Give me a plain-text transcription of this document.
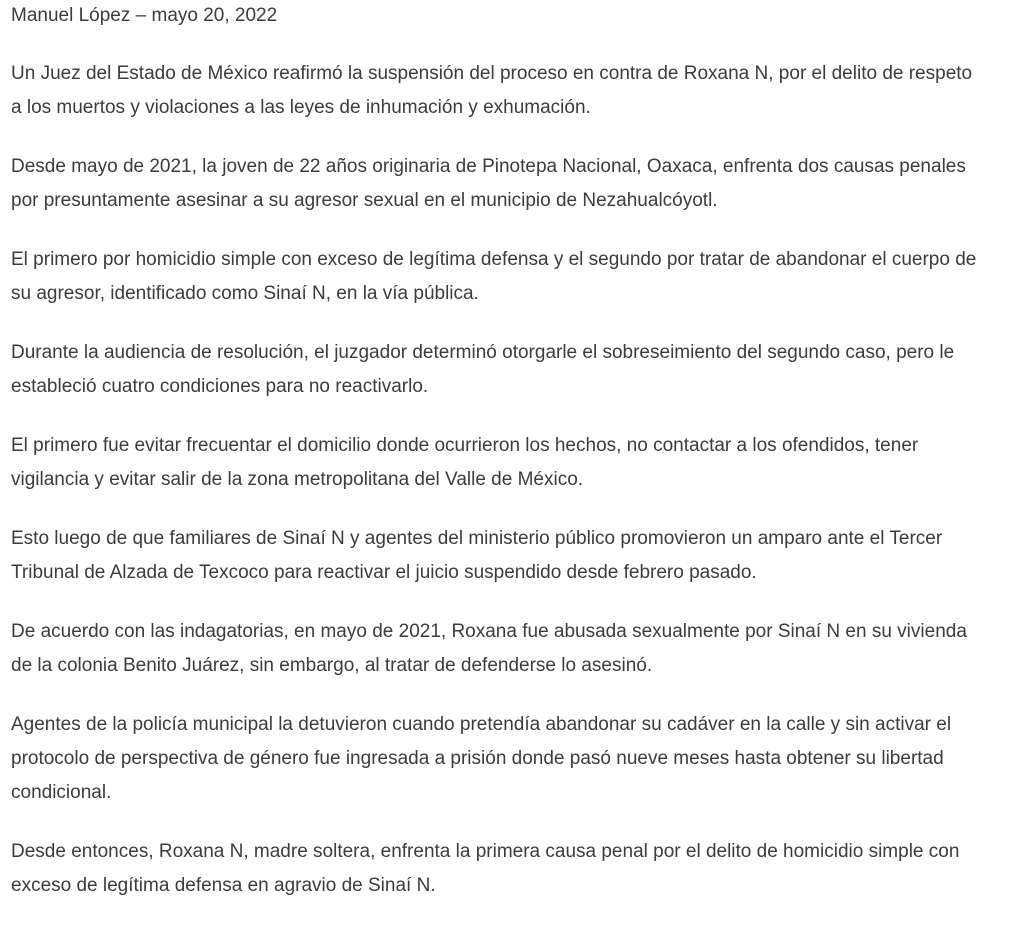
Manuel López – mayo 20, 2022

Un Juez del Estado de México reafirmó la suspensión del proceso en contra de Roxana N, por el delito de respeto a los muertos y violaciones a las leyes de inhumación y exhumación.

Desde mayo de 2021, la joven de 22 años originaria de Pinotepa Nacional, Oaxaca, enfrenta dos causas penales por presuntamente asesinar a su agresor sexual en el municipio de Nezahualcóyotl.

El primero por homicidio simple con exceso de legítima defensa y el segundo por tratar de abandonar el cuerpo de su agresor, identificado como Sinaí N, en la vía pública.

Durante la audiencia de resolución, el juzgador determinó otorgarle el sobreseimiento del segundo caso, pero le estableció cuatro condiciones para no reactivarlo.

El primero fue evitar frecuentar el domicilio donde ocurrieron los hechos, no contactar a los ofendidos, tener vigilancia y evitar salir de la zona metropolitana del Valle de México.

Esto luego de que familiares de Sinaí N y agentes del ministerio público promovieron un amparo ante el Tercer Tribunal de Alzada de Texcoco para reactivar el juicio suspendido desde febrero pasado.

De acuerdo con las indagatorias, en mayo de 2021, Roxana fue abusada sexualmente por Sinaí N en su vivienda de la colonia Benito Juárez, sin embargo, al tratar de defenderse lo asesinó.

Agentes de la policía municipal la detuvieron cuando pretendía abandonar su cadáver en la calle y sin activar el protocolo de perspectiva de género fue ingresada a prisión donde pasó nueve meses hasta obtener su libertad condicional.

Desde entonces, Roxana N, madre soltera, enfrenta la primera causa penal por el delito de homicidio simple con exceso de legítima defensa en agravio de Sinaí N.
